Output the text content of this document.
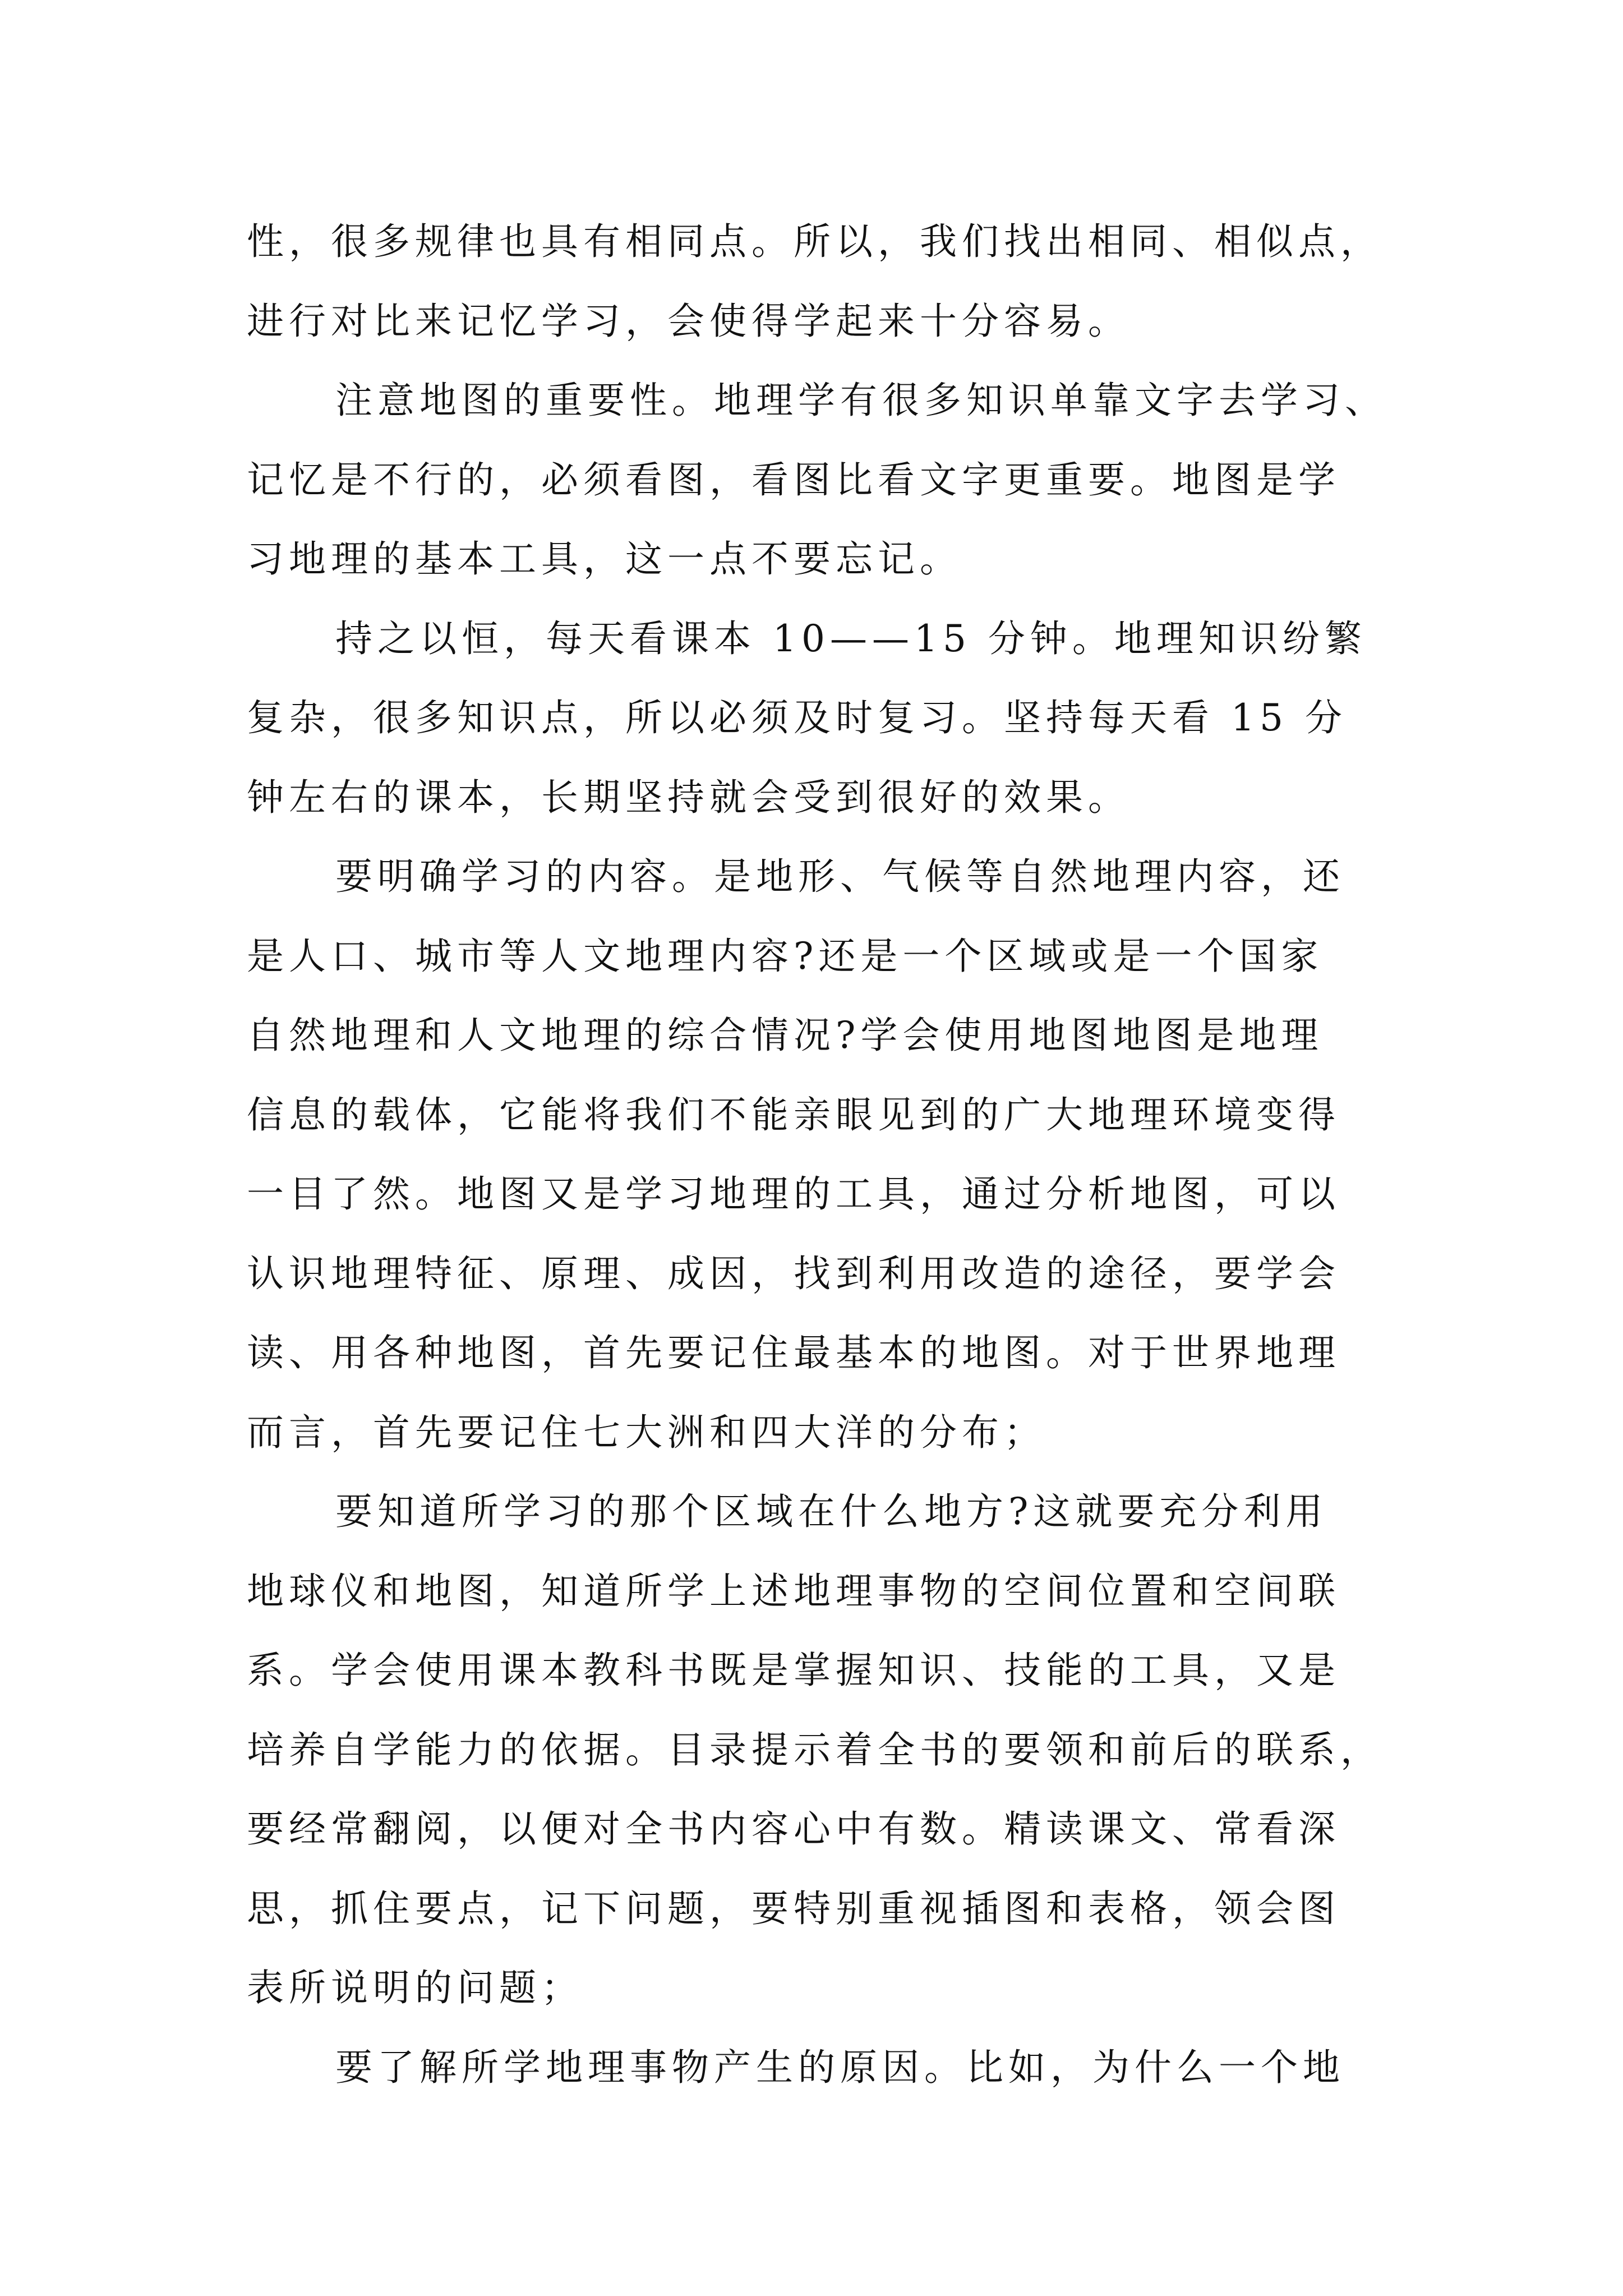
性，很多规律也具有相同点。所以，我们找出相同、相似点，
进行对比来记忆学习，会使得学起来十分容易。
注意地图的重要性。地理学有很多知识单靠文字去学习、
记忆是不行的，必须看图，看图比看文字更重要。地图是学
习地理的基本工具，这一点不要忘记。
持之以恒，每天看课本 10——15 分钟。地理知识纷繁
复杂，很多知识点，所以必须及时复习。坚持每天看 15 分
钟左右的课本，长期坚持就会受到很好的效果。
要明确学习的内容。是地形、气候等自然地理内容，还
是人口、城市等人文地理内容?还是一个区域或是一个国家
自然地理和人文地理的综合情况?学会使用地图地图是地理
信息的载体，它能将我们不能亲眼见到的广大地理环境变得
一目了然。地图又是学习地理的工具，通过分析地图，可以
认识地理特征、原理、成因，找到利用改造的途径，要学会
读、用各种地图，首先要记住最基本的地图。对于世界地理
而言，首先要记住七大洲和四大洋的分布；
要知道所学习的那个区域在什么地方?这就要充分利用
地球仪和地图，知道所学上述地理事物的空间位置和空间联
系。学会使用课本教科书既是掌握知识、技能的工具，又是
培养自学能力的依据。目录提示着全书的要领和前后的联系，
要经常翻阅，以便对全书内容心中有数。精读课文、常看深
思，抓住要点，记下问题，要特别重视插图和表格，领会图
表所说明的问题；
要了解所学地理事物产生的原因。比如，为什么一个地
